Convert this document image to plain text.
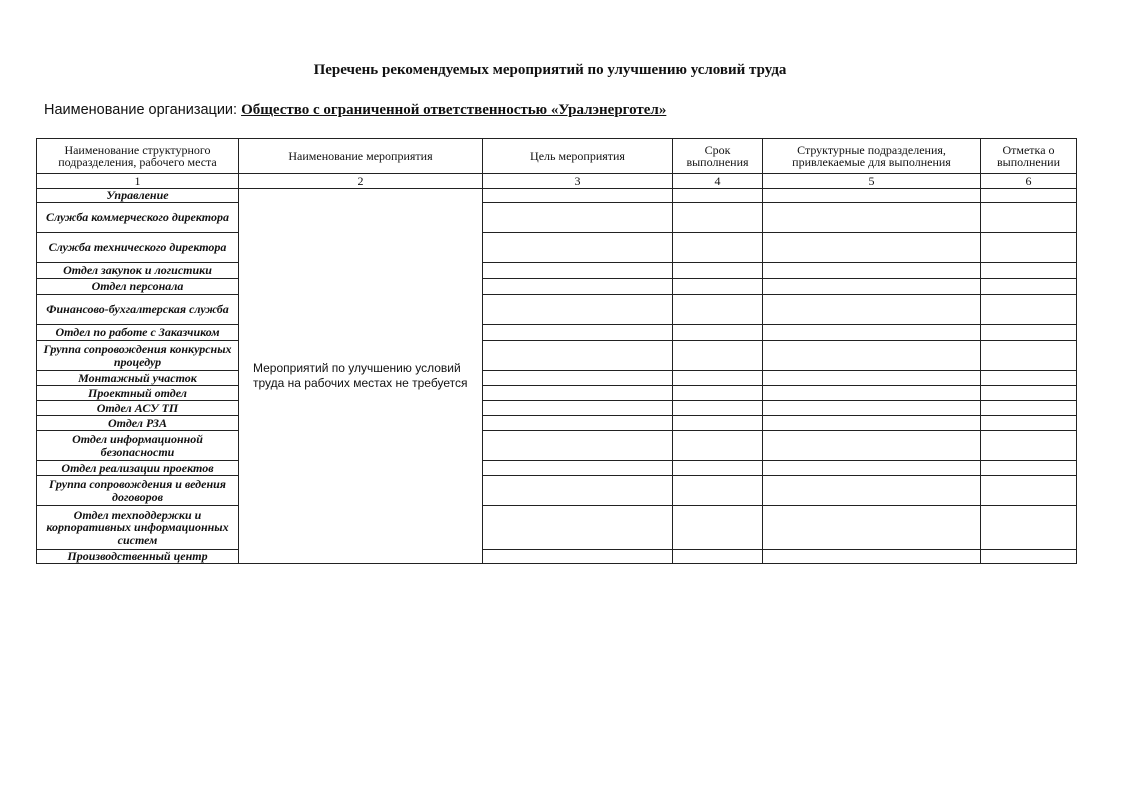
Перечень рекомендуемых мероприятий по улучшению условий труда
Наименование организации: Общество с ограниченной ответственностью «Уралэнерготел»
Наименование структурного подразделения, рабочего места	Наименование мероприятия	Цель мероприятия	Срок выполнения	Структурные подразделения, привлекаемые для выполнения	Отметка о выполнении
1	2	3	4	5	6
Управление	Мероприятий по улучшению условий труда на рабочих местах не требуется				
Служба коммерческого директора					
Служба технического директора					
Отдел закупок и логистики					
Отдел персонала					
Финансово-бухгалтерская служба					
Отдел по работе с Заказчиком					
Группа сопровождения конкурсных процедур					
Монтажный участок					
Проектный отдел					
Отдел АСУ ТП					
Отдел РЗА					
Отдел информационной безопасности					
Отдел реализации проектов					
Группа сопровождения и ведения договоров					
Отдел техподдержки и корпоративных информационных систем					
Производственный центр					
